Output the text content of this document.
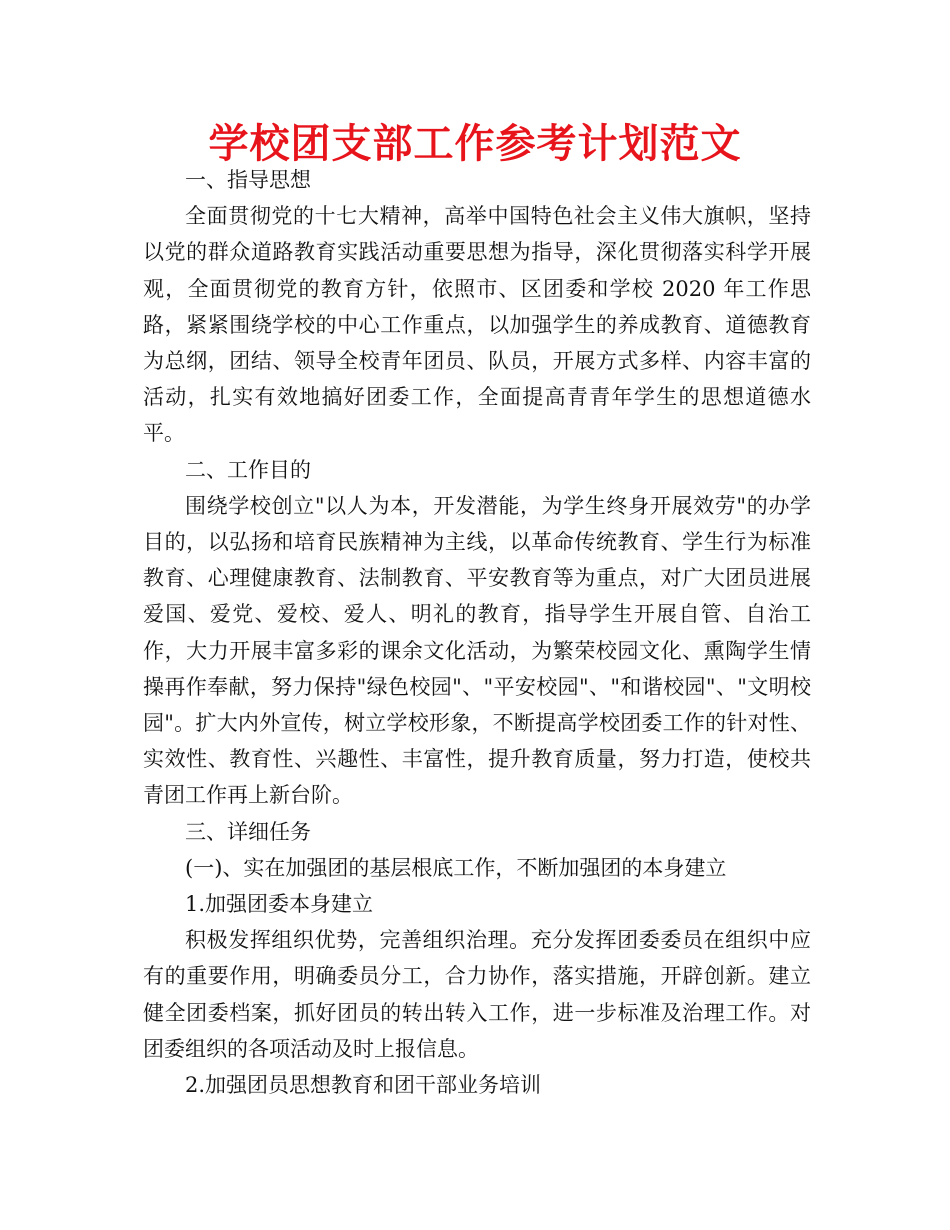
学校团支部工作参考计划范文

一、指导思想

全面贯彻党的十七大精神，高举中国特色社会主义伟大旗帜，坚持以党的群众道路教育实践活动重要思想为指导，深化贯彻落实科学开展观，全面贯彻党的教育方针，依照市、区团委和学校 2020 年工作思路，紧紧围绕学校的中心工作重点，以加强学生的养成教育、道德教育为总纲，团结、领导全校青年团员、队员，开展方式多样、内容丰富的活动，扎实有效地搞好团委工作，全面提高青青年学生的思想道德水平。

二、工作目的

围绕学校创立"以人为本，开发潜能，为学生终身开展效劳"的办学目的，以弘扬和培育民族精神为主线，以革命传统教育、学生行为标准教育、心理健康教育、法制教育、平安教育等为重点，对广大团员进展爱国、爱党、爱校、爱人、明礼的教育，指导学生开展自管、自治工作，大力开展丰富多彩的课余文化活动，为繁荣校园文化、熏陶学生情操再作奉献，努力保持"绿色校园"、"平安校园"、"和谐校园"、"文明校园"。扩大内外宣传，树立学校形象，不断提高学校团委工作的针对性、实效性、教育性、兴趣性、丰富性，提升教育质量，努力打造，使校共青团工作再上新台阶。

三、详细任务

(一)、实在加强团的基层根底工作，不断加强团的本身建立

1.加强团委本身建立

积极发挥组织优势，完善组织治理。充分发挥团委委员在组织中应有的重要作用，明确委员分工，合力协作，落实措施，开辟创新。建立健全团委档案，抓好团员的转出转入工作，进一步标准及治理工作。对团委组织的各项活动及时上报信息。

2.加强团员思想教育和团干部业务培训
